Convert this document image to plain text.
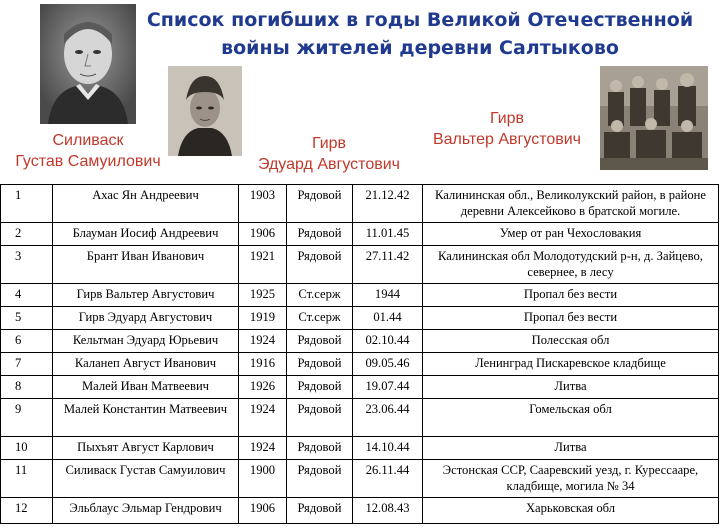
Список погибших в годы Великой Отечественной
войны жителей деревни Салтыково
Силиваск
Густав Самуилович
Гирв
Эдуард Августович
Гирв
Вальтер Августович
1	Ахас Ян Андреевич	1903	Рядовой	21.12.42	Калининская обл., Великолукский район, в районе деревни Алексейково в братской могиле.
2	Блауман Иосиф Андреевич	1906	Рядовой	11.01.45	Умер от ран Чехословакия
3	Брант Иван Иванович	1921	Рядовой	27.11.42	Калининская обл Молодотудский р-н, д. Зайцево, севернее, в лесу
4	Гирв Вальтер Августович	1925	Ст.серж	1944	Пропал без вести
5	Гирв Эдуард Августович	1919	Ст.серж	01.44	Пропал без вести
6	Кельтман Эдуард Юрьевич	1924	Рядовой	02.10.44	Полесская обл
7	Каланеп Август Иванович	1916	Рядовой	09.05.46	Ленинград Пискаревское кладбище
8	Малей Иван Матвеевич	1926	Рядовой	19.07.44	Литва
9	Малей Константин Матвеевич	1924	Рядовой	23.06.44	Гомельская обл
10	Пыхъят Август Карлович	1924	Рядовой	14.10.44	Литва
11	Силиваск Густав Самуилович	1900	Рядовой	26.11.44	Эстонская ССР, Сааревский уезд, г. Курессааре, кладбище, могила № 34
12	Эльблаус Эльмар Гендрович	1906	Рядовой	12.08.43	Харьковская обл
